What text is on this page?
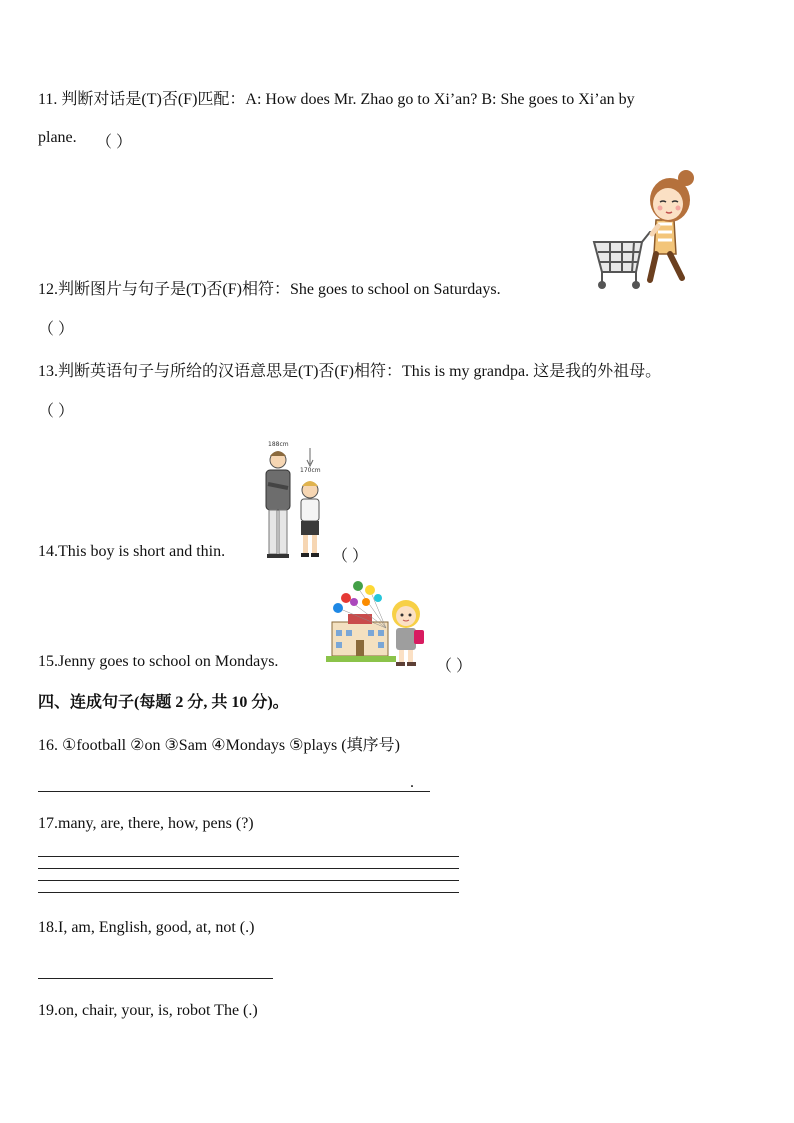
11. 判断对话是(T)否(F)匹配：A: How does Mr. Zhao go to Xi’an? B: She goes to Xi’an by
plane. （ ）
12.判断图片与句子是(T)否(F)相符：She goes to school on Saturdays.
（ ）
13.判断英语句子与所给的汉语意思是(T)否(F)相符：This is my grandpa. 这是我的外祖母。
（ ）
188cm
170cm
14.This boy is short and thin.	（ ）
15.Jenny goes to school on Mondays.	（ ）
四、连成句子(每题 2 分, 共 10 分)。
16. ①football ②on ③Sam ④Mondays ⑤plays (填序号)
.
17.many, are, there, how, pens (?)
18.I, am, English, good, at, not (.)
19.on, chair, your, is, robot The (.)
